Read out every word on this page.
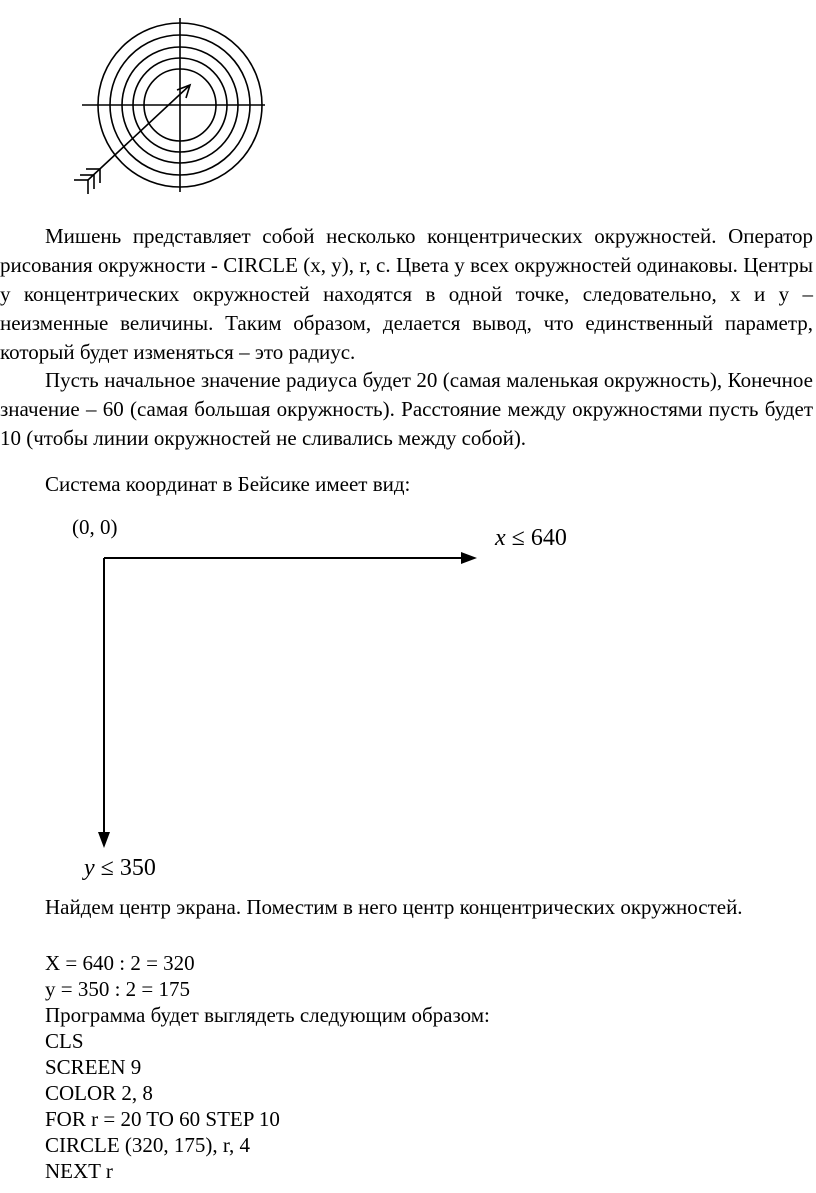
Мишень представляет собой несколько концентрических окружностей. Оператор рисования окружности - CIRCLE (x, y), r, c. Цвета у всех окружностей одинаковы. Центры у концентрических окружностей находятся в одной точке, следовательно, x и y – неизменные величины. Таким образом, делается вывод, что единственный параметр, который будет изменяться – это радиус.

Пусть начальное значение радиуса будет 20 (самая маленькая окружность), Конечное значение – 60 (самая большая окружность). Расстояние между окружностями пусть будет 10 (чтобы линии окружностей не сливались между собой).

Система координат в Бейсике имеет вид:

(0, 0)	x ≤ 640
y ≤ 350

Найдем центр экрана. Поместим в него центр концентрических окружностей.

X = 640 : 2 = 320
y = 350 : 2 = 175
Программа будет выглядеть следующим образом:
CLS
SCREEN 9
COLOR 2, 8
FOR r = 20 TO 60 STEP 10
CIRCLE (320, 175), r, 4
NEXT r
